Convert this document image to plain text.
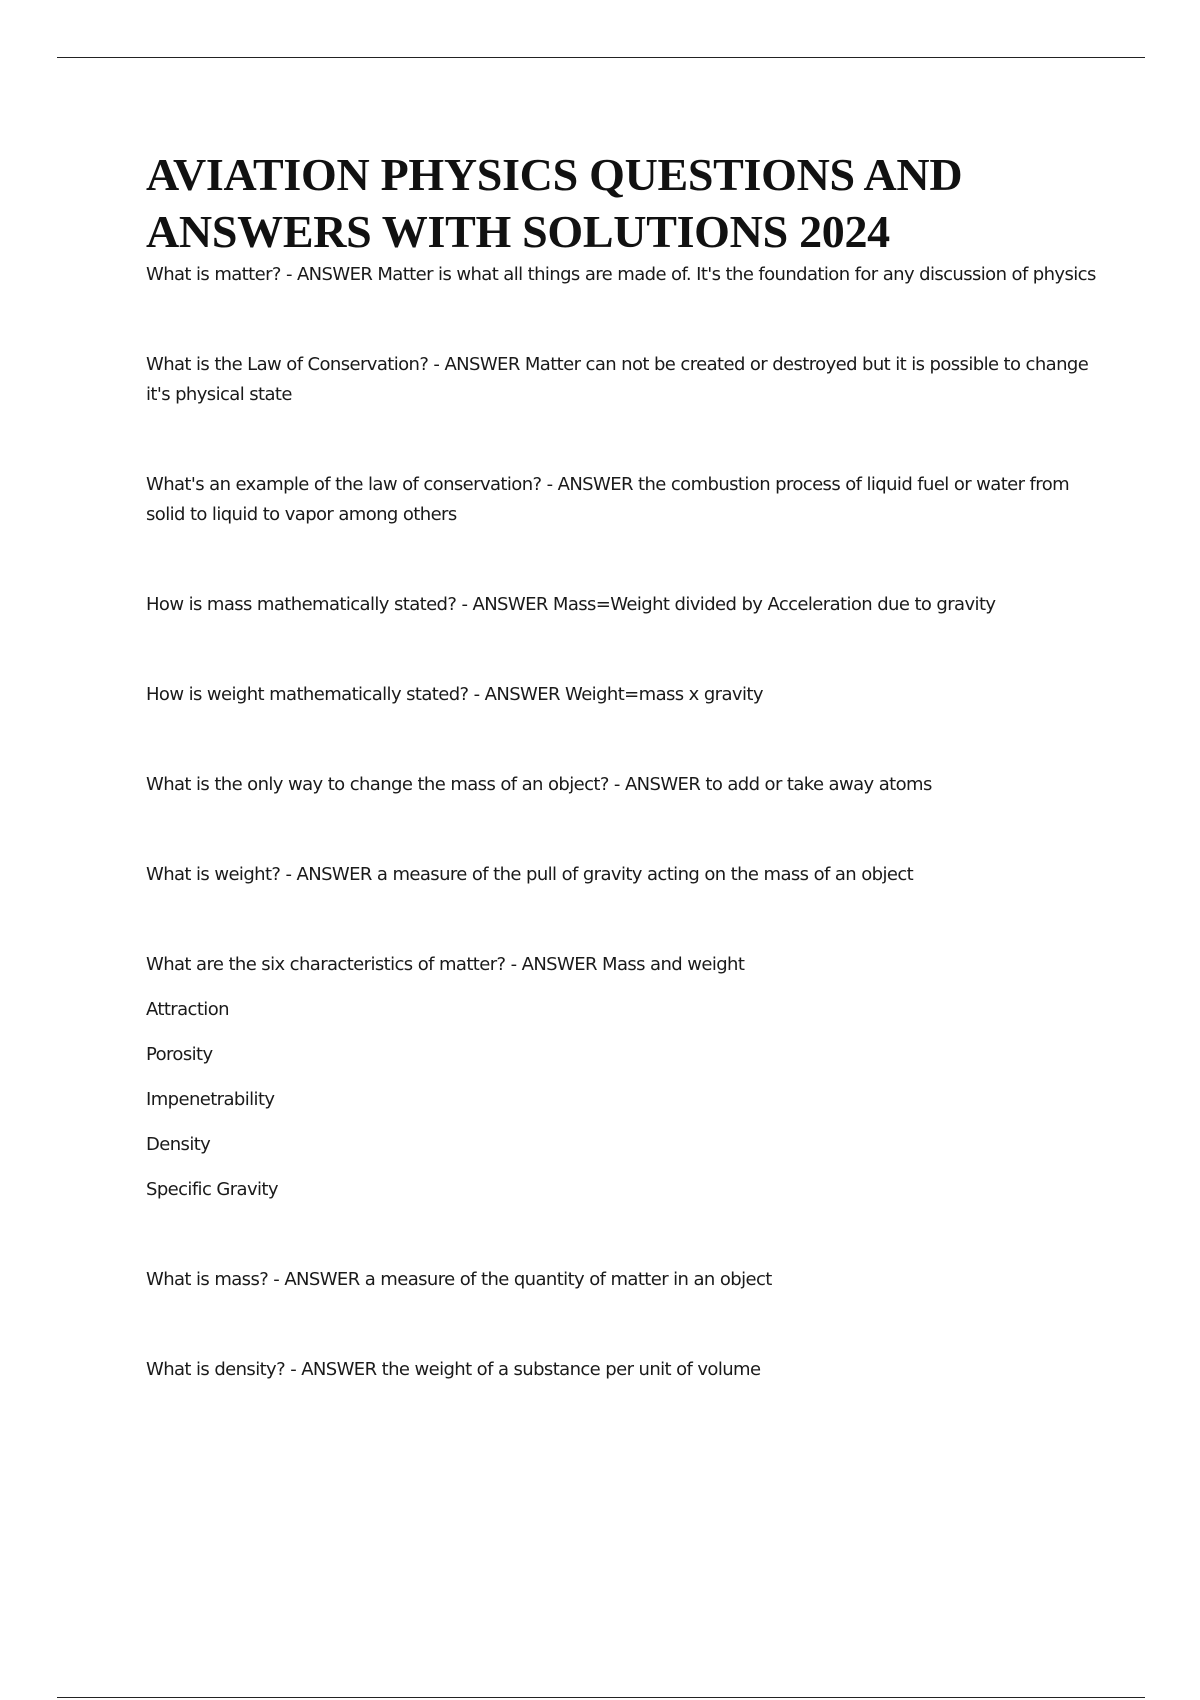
AVIATION PHYSICS QUESTIONS AND
ANSWERS WITH SOLUTIONS 2024

What is matter? - ANSWER Matter is what all things are made of. It's the foundation for any discussion of physics

What is the Law of Conservation? - ANSWER Matter can not be created or destroyed but it is possible to change it's physical state

What's an example of the law of conservation? - ANSWER the combustion process of liquid fuel or water from solid to liquid to vapor among others

How is mass mathematically stated? - ANSWER Mass=Weight divided by Acceleration due to gravity

How is weight mathematically stated? - ANSWER Weight=mass x gravity

What is the only way to change the mass of an object? - ANSWER to add or take away atoms

What is weight? - ANSWER a measure of the pull of gravity acting on the mass of an object

What are the six characteristics of matter? - ANSWER Mass and weight
Attraction
Porosity
Impenetrability
Density
Specific Gravity

What is mass? - ANSWER a measure of the quantity of matter in an object

What is density? - ANSWER the weight of a substance per unit of volume
